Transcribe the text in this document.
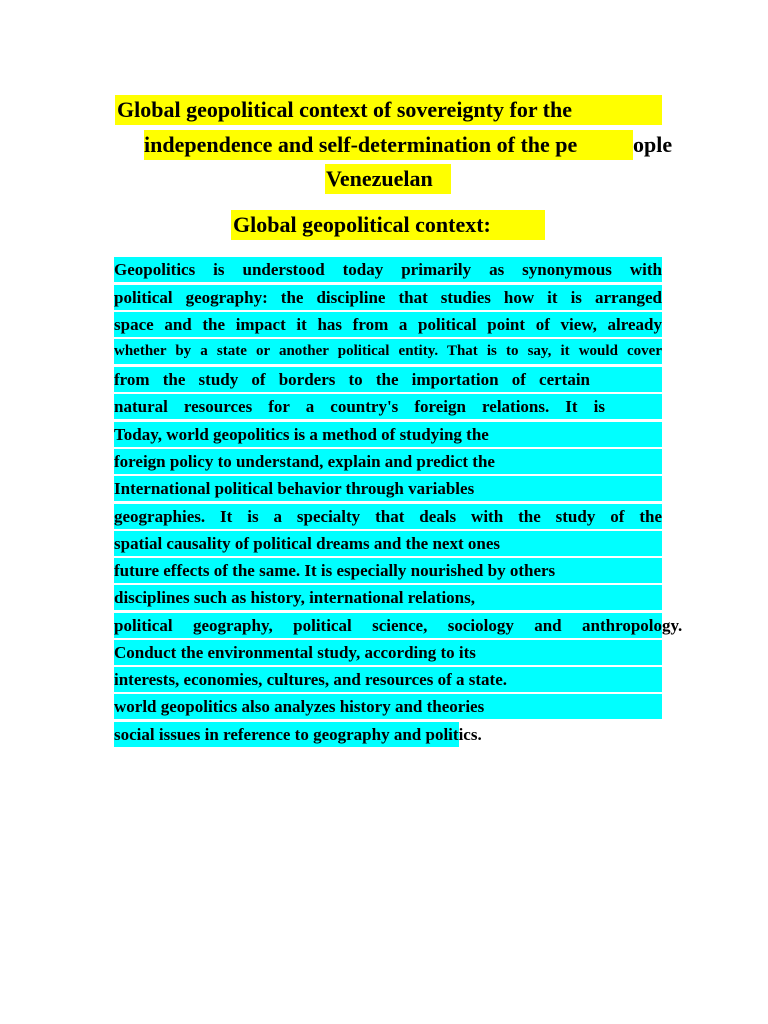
Global geopolitical context of sovereignty for the
independence and self-determination of the pe	ople
Venezuelan
Global geopolitical context:
Geopolitics is understood today primarily as synonymous with
political geography: the discipline that studies how it is arranged
space and the impact it has from a political point of view, already
whether by a state or another political entity. That is to say, it would cover
from the study of borders to the importation of certain
natural resources for a country's foreign relations. It is
Today, world geopolitics is a method of studying the
foreign policy to understand, explain and predict the
International political behavior through variables
geographies. It is a specialty that deals with the study of the
spatial causality of political dreams and the next ones
future effects of the same. It is especially nourished by others
disciplines such as history, international relations,
political geography, political science, sociology and anthropology.
Conduct the environmental study, according to its
interests, economies, cultures, and resources of a state.
world geopolitics also analyzes history and theories
social issues in reference to geography and politics.
